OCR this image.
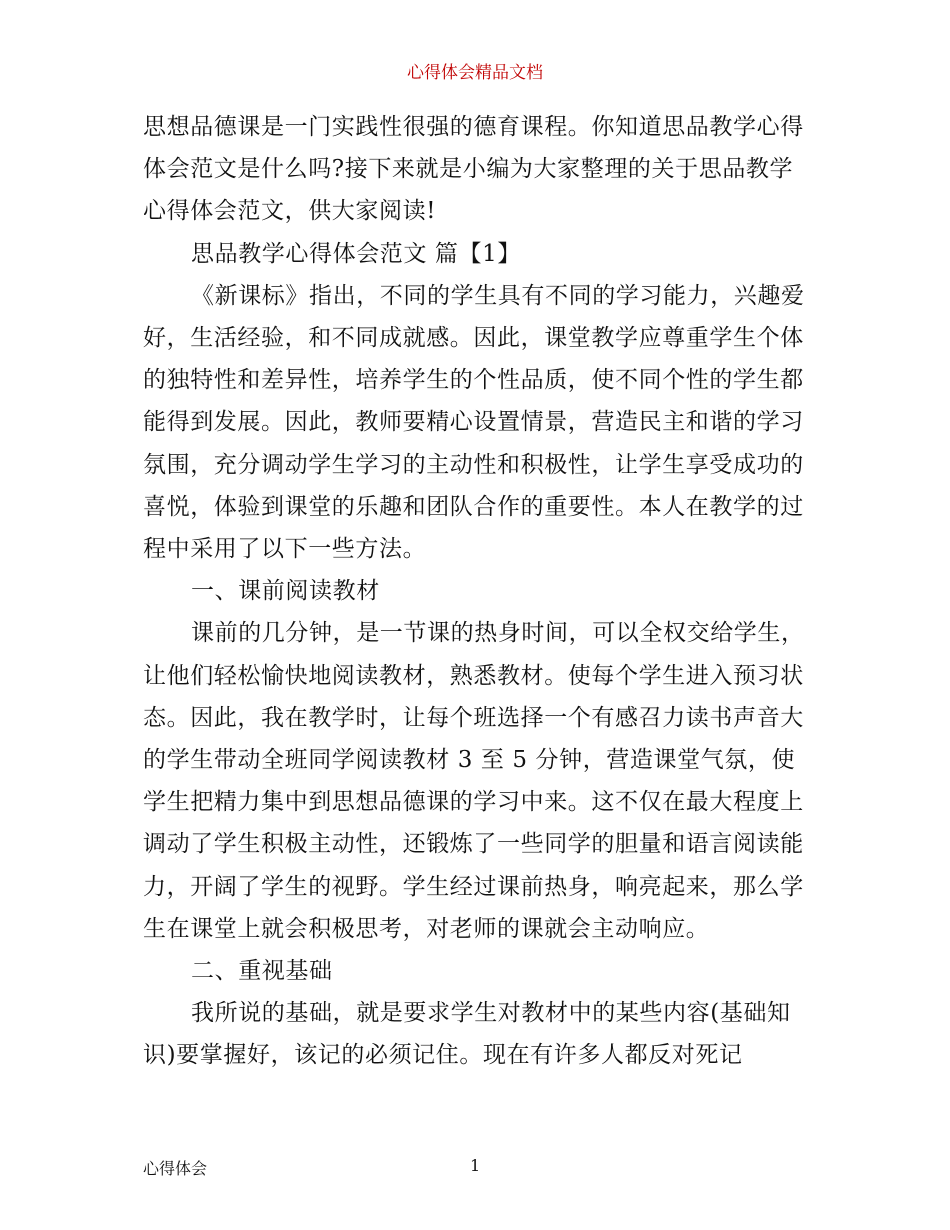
心得体会精品文档

思想品德课是一门实践性很强的德育课程。你知道思品教学心得体会范文是什么吗?接下来就是小编为大家整理的关于思品教学心得体会范文，供大家阅读!

思品教学心得体会范文 篇【1】

《新课标》指出，不同的学生具有不同的学习能力，兴趣爱好，生活经验，和不同成就感。因此，课堂教学应尊重学生个体的独特性和差异性，培养学生的个性品质，使不同个性的学生都能得到发展。因此，教师要精心设置情景，营造民主和谐的学习氛围，充分调动学生学习的主动性和积极性，让学生享受成功的喜悦，体验到课堂的乐趣和团队合作的重要性。本人在教学的过程中采用了以下一些方法。

一、课前阅读教材

课前的几分钟，是一节课的热身时间，可以全权交给学生，让他们轻松愉快地阅读教材，熟悉教材。使每个学生进入预习状态。因此，我在教学时，让每个班选择一个有感召力读书声音大的学生带动全班同学阅读教材 3 至 5 分钟，营造课堂气氛，使学生把精力集中到思想品德课的学习中来。这不仅在最大程度上调动了学生积极主动性，还锻炼了一些同学的胆量和语言阅读能力，开阔了学生的视野。学生经过课前热身，响亮起来，那么学生在课堂上就会积极思考，对老师的课就会主动响应。

二、重视基础

我所说的基础，就是要求学生对教材中的某些内容(基础知识)要掌握好，该记的必须记住。现在有许多人都反对死记

心得体会	1
